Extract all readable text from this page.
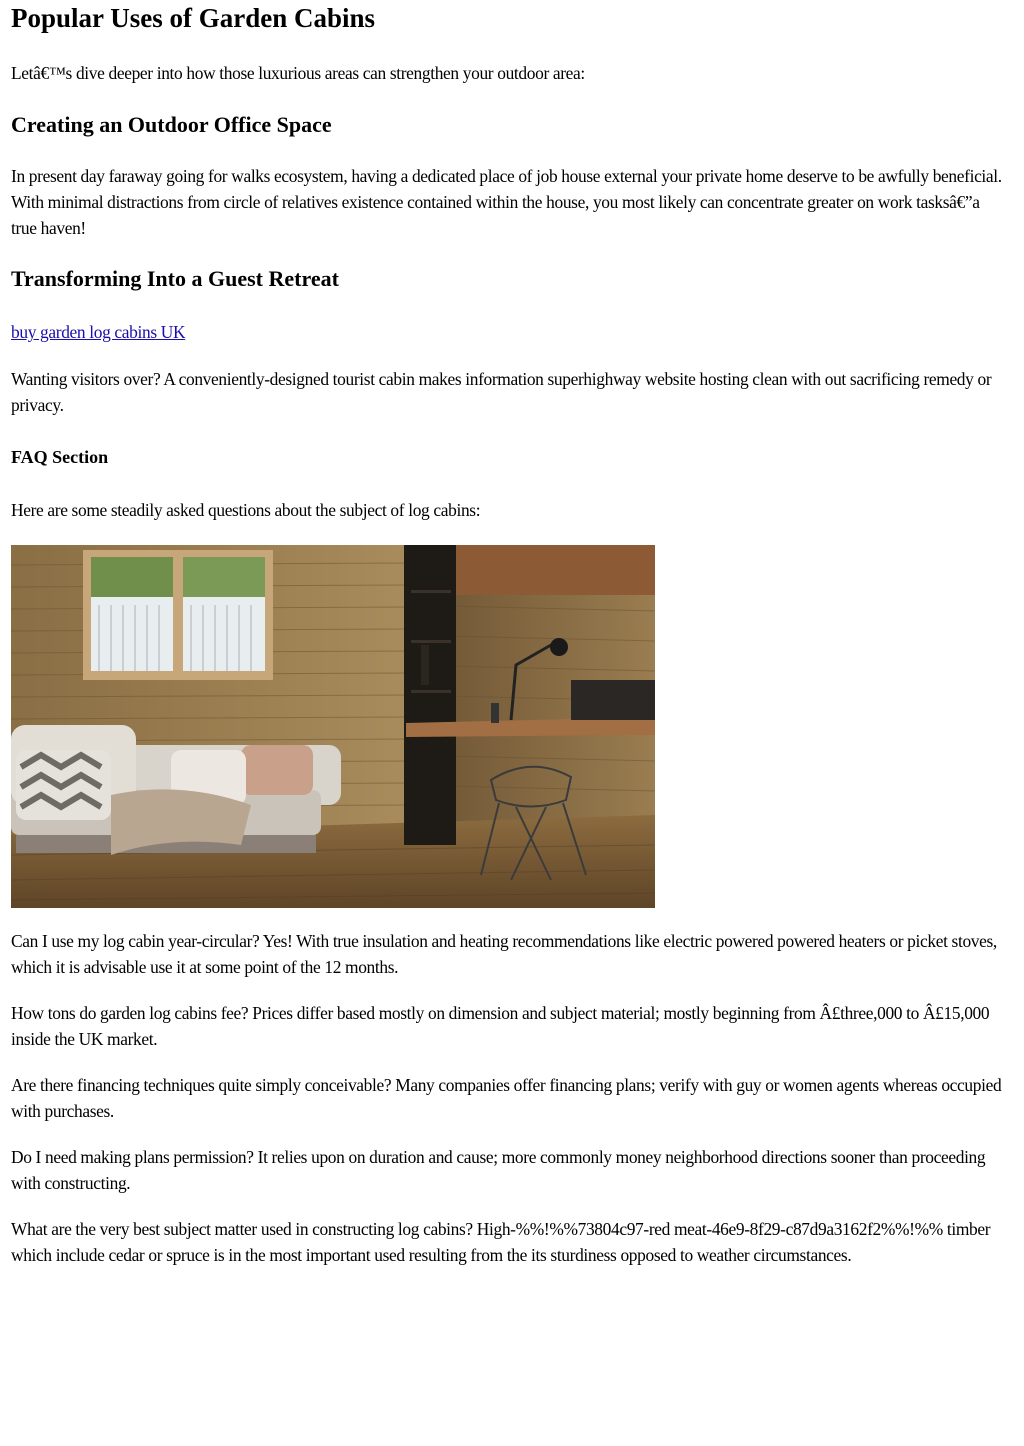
Popular Uses of Garden Cabins

Letâ€™s dive deeper into how those luxurious areas can strengthen your outdoor area:

Creating an Outdoor Office Space

In present day faraway going for walks ecosystem, having a dedicated place of job house external your private home deserve to be awfully beneficial. With minimal distractions from circle of relatives existence contained within the house, you most likely can concentrate greater on work tasksâ€”a true haven!

Transforming Into a Guest Retreat

buy garden log cabins UK

Wanting visitors over? A conveniently-designed tourist cabin makes information superhighway website hosting clean with out sacrificing remedy or privacy.

FAQ Section

Here are some steadily asked questions about the subject of log cabins:

Can I use my log cabin year-circular? Yes! With true insulation and heating recommendations like electric powered powered heaters or picket stoves, which it is advisable use it at some point of the 12 months.

How tons do garden log cabins fee? Prices differ based mostly on dimension and subject material; mostly beginning from Â£three,000 to Â£15,000 inside the UK market.

Are there financing techniques quite simply conceivable? Many companies offer financing plans; verify with guy or women agents whereas occupied with purchases.

Do I need making plans permission? It relies upon on duration and cause; more commonly money neighborhood directions sooner than proceeding with constructing.

What are the very best subject matter used in constructing log cabins? High-%%!%%73804c97-red meat-46e9-8f29-c87d9a3162f2%%!%% timber which include cedar or spruce is in the most important used resulting from the its sturdiness opposed to weather circumstances.
